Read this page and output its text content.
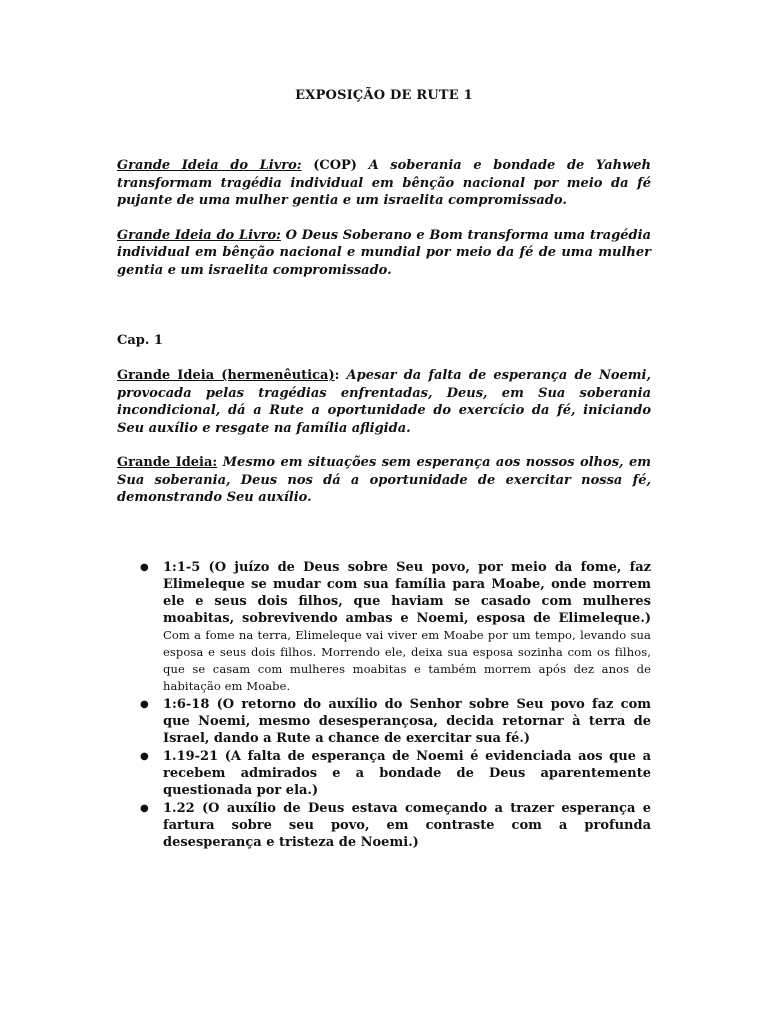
EXPOSIÇÃO DE RUTE 1

Grande Ideia do Livro: (COP) A soberania e bondade de Yahweh transformam tragédia individual em bênção nacional por meio da fé pujante de uma mulher gentia e um israelita compromissado.

Grande Ideia do Livro: O Deus Soberano e Bom transforma uma tragédia individual em bênção nacional e mundial por meio da fé de uma mulher gentia e um israelita compromissado.

Cap. 1

Grande Ideia (hermenêutica): Apesar da falta de esperança de Noemi, provocada pelas tragédias enfrentadas, Deus, em Sua soberania incondicional, dá a Rute a oportunidade do exercício da fé, iniciando Seu auxílio e resgate na família afligida.

Grande Ideia: Mesmo em situações sem esperança aos nossos olhos, em Sua soberania, Deus nos dá a oportunidade de exercitar nossa fé, demonstrando Seu auxílio.

● 1:1-5 (O juízo de Deus sobre Seu povo, por meio da fome, faz Elimeleque se mudar com sua família para Moabe, onde morrem ele e seus dois filhos, que haviam se casado com mulheres moabitas, sobrevivendo ambas e Noemi, esposa de Elimeleque.) Com a fome na terra, Elimeleque vai viver em Moabe por um tempo, levando sua esposa e seus dois filhos. Morrendo ele, deixa sua esposa sozinha com os filhos, que se casam com mulheres moabitas e também morrem após dez anos de habitação em Moabe.
● 1:6-18 (O retorno do auxílio do Senhor sobre Seu povo faz com que Noemi, mesmo desesperançosa, decida retornar à terra de Israel, dando a Rute a chance de exercitar sua fé.)
● 1.19-21 (A falta de esperança de Noemi é evidenciada aos que a recebem admirados e a bondade de Deus aparentemente questionada por ela.)
● 1.22 (O auxílio de Deus estava começando a trazer esperança e fartura sobre seu povo, em contraste com a profunda desesperança e tristeza de Noemi.)
